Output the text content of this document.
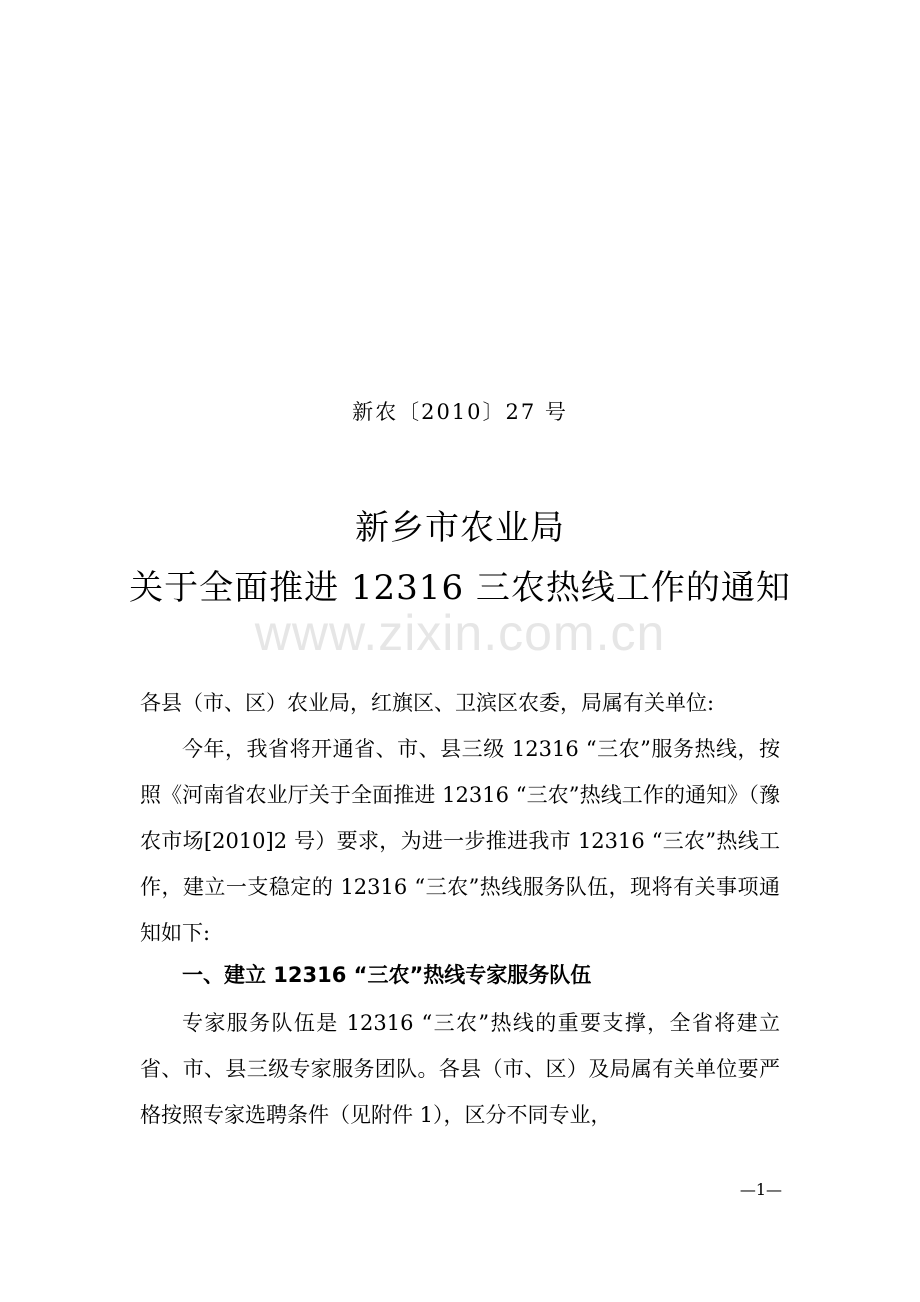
新农〔2010〕27 号
新乡市农业局
关于全面推进 12316 三农热线工作的通知
www.zixin.com.cn
各县（市、区）农业局，红旗区、卫滨区农委，局属有关单位:

今年，我省将开通省、市、县三级 12316 “三农”服务热线，按照《河南省农业厅关于全面推进 12316 “三农”热线工作的通知》（豫农市场[2010]2 号）要求，为进一步推进我市 12316 “三农”热线工作，建立一支稳定的 12316 “三农”热线服务队伍，现将有关事项通知如下:

一、建立 12316 “三农”热线专家服务队伍

专家服务队伍是 12316 “三农”热线的重要支撑，全省将建立省、市、县三级专家服务团队。各县（市、区）及局属有关单位要严格按照专家选聘条件（见附件 1），区分不同专业，

—1—
